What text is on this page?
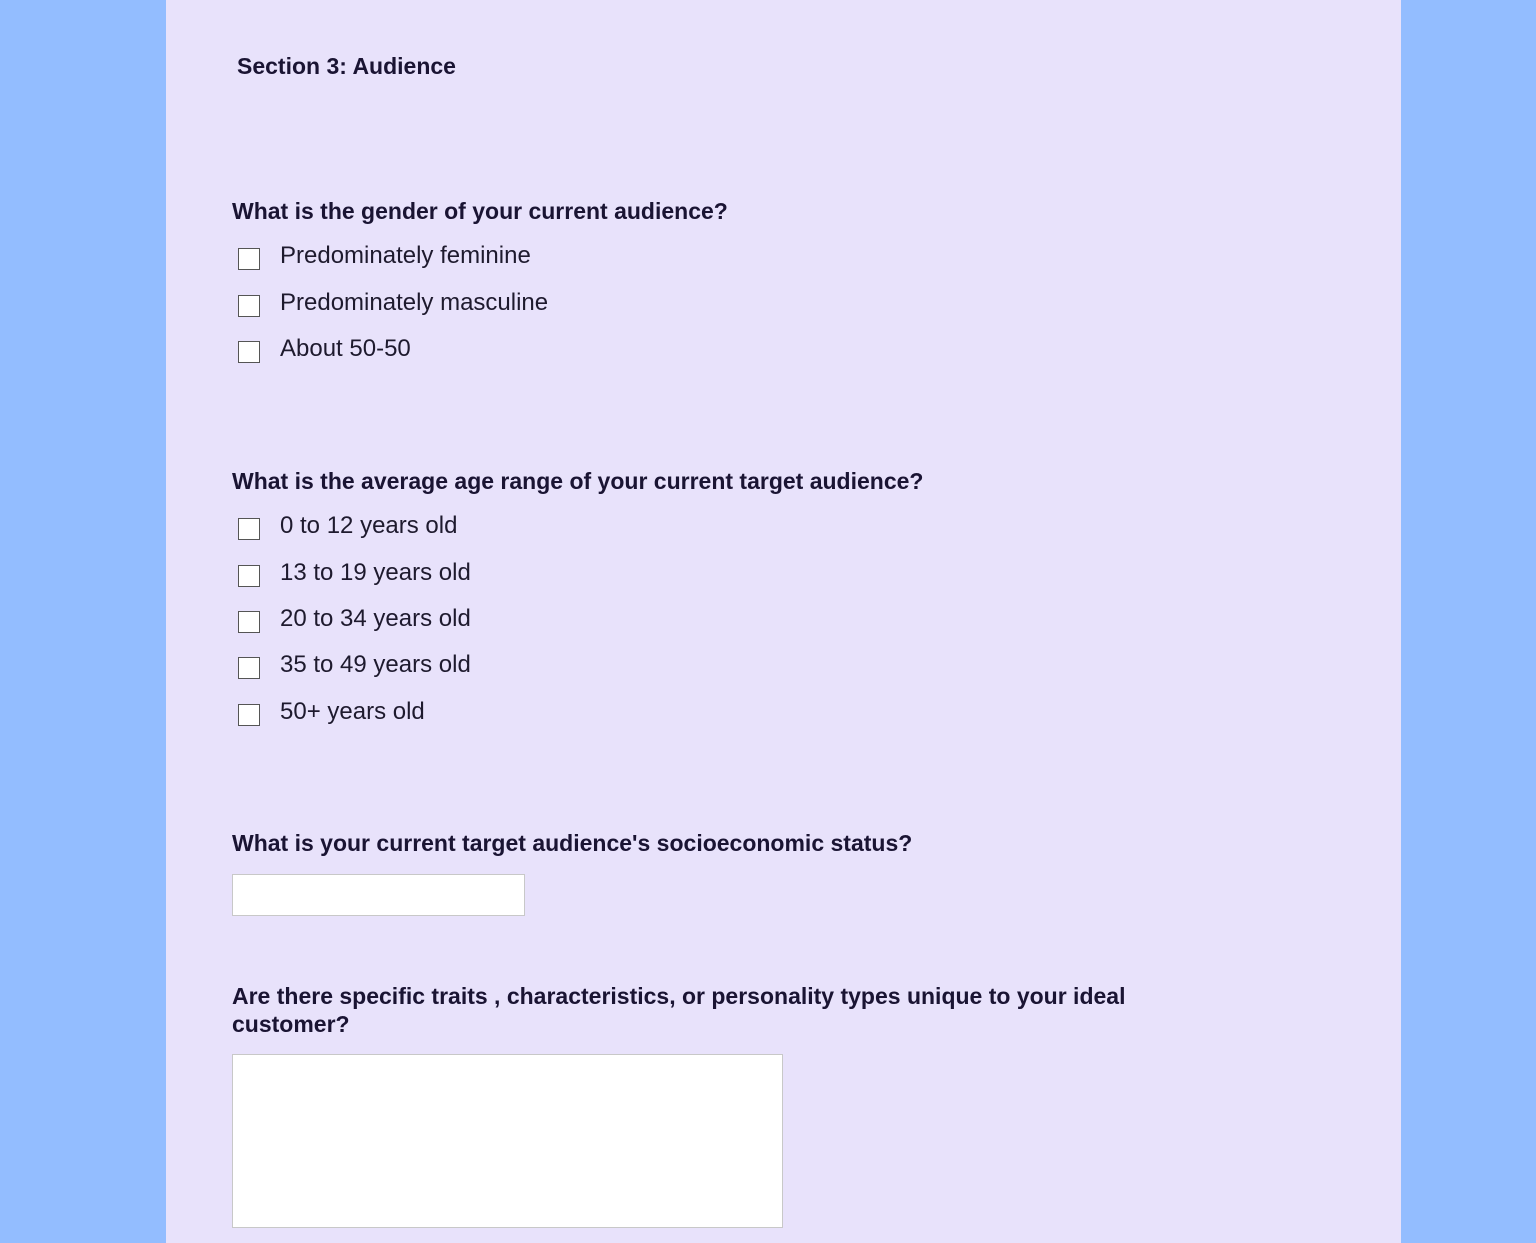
Section 3: Audience
What is the gender of your current audience?
Predominately feminine
Predominately masculine
About 50-50
What is the average age range of your current target audience?
0 to 12 years old
13 to 19 years old
20 to 34 years old
35 to 49 years old
50+ years old
What is your current target audience's socioeconomic status?
Are there specific traits , characteristics, or personality types unique to your ideal customer?
